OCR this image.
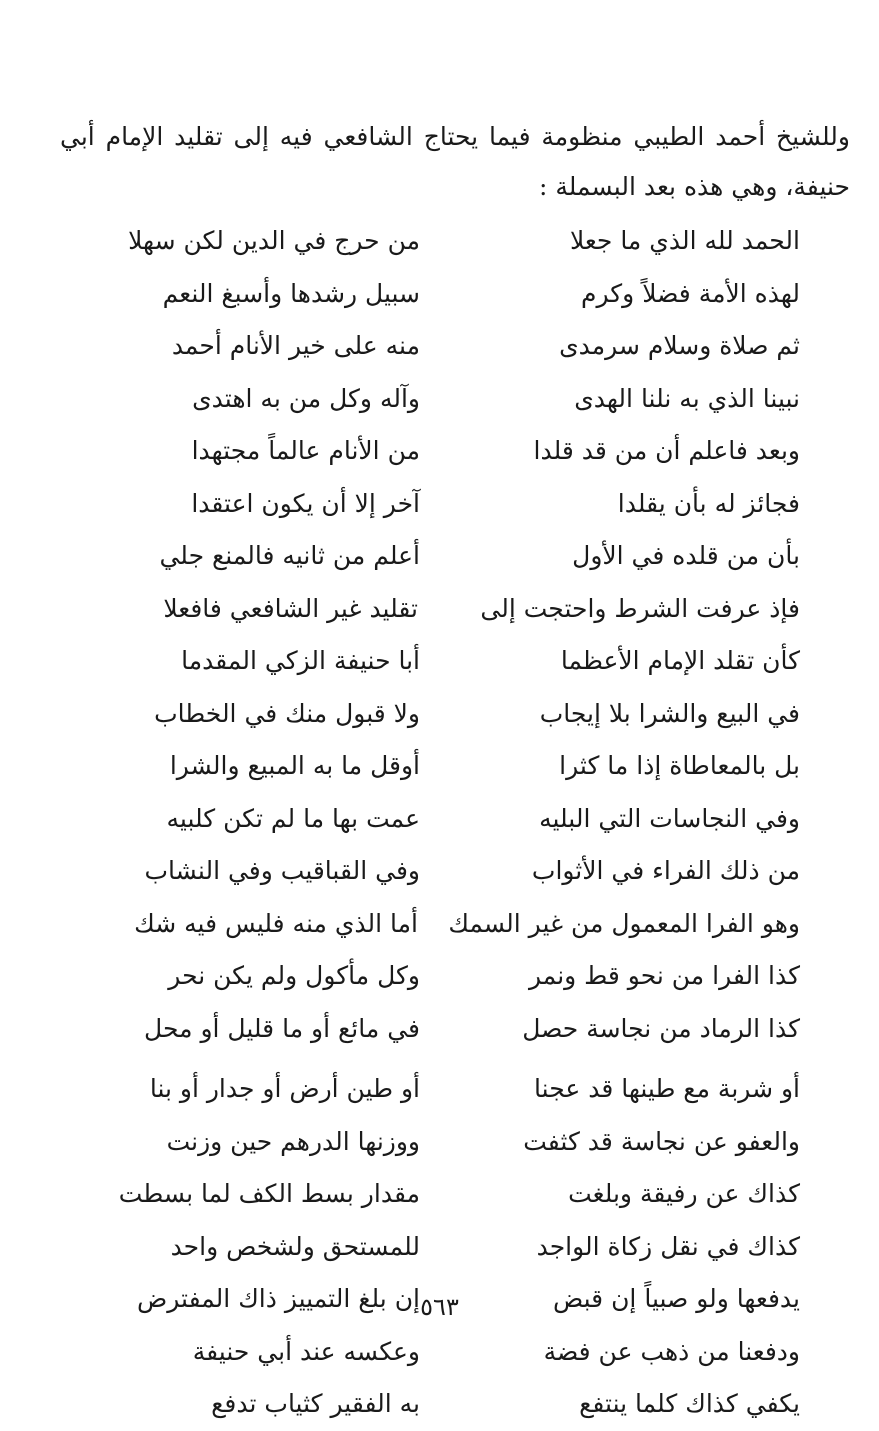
وللشيخ أحمد الطيبي منظومة فيما يحتاج الشافعي فيه إلى تقليد الإمام أبي حنيفة، وهي هذه بعد البسملة :

الحمد لله الذي ما جعلا
من حرج في الدين لكن سهلا
لهذه الأمة فضلاً وكرم
سبيل رشدها وأسبغ النعم
ثم صلاة وسلام سرمدى
منه على خير الأنام أحمد
نبينا الذي به نلنا الهدى
وآله وكل من به اهتدى
وبعد فاعلم أن من قد قلدا
من الأنام عالماً مجتهدا
فجائز له بأن يقلدا
آخر إلا أن يكون اعتقدا
بأن من قلده في الأول
أعلم من ثانيه فالمنع جلي
فإذ عرفت الشرط واحتجت إلى
تقليد غير الشافعي فافعلا
كأن تقلد الإمام الأعظما
أبا حنيفة الزكي المقدما
في البيع والشرا بلا إيجاب
ولا قبول منك في الخطاب
بل بالمعاطاة إذا ما كثرا
أوقل ما به المبيع والشرا
وفي النجاسات التي البليه
عمت بها ما لم تكن كلبيه
من ذلك الفراء في الأثواب
وفي القباقيب وفي النشاب
وهو الفرا المعمول من غير السمك
أما الذي منه فليس فيه شك
كذا الفرا من نحو قط ونمر
وكل مأكول ولم يكن نحر
كذا الرماد من نجاسة حصل
في مائع أو ما قليل أو محل
أو شربة مع طينها قد عجنا
أو طين أرض أو جدار أو بنا
والعفو عن نجاسة قد كثفت
ووزنها الدرهم حين وزنت
كذاك عن رفيقة وبلغت
مقدار بسط الكف لما بسطت
كذاك في نقل زكاة الواجد
للمستحق ولشخص واحد
يدفعها ولو صبياً إن قبض
إن بلغ التمييز ذاك المفترض
ودفعنا من ذهب عن فضة
وعكسه عند أبي حنيفة
يكفي كذاك كلما ينتفع
به الفقير كثياب تدفع
٥٦٣
